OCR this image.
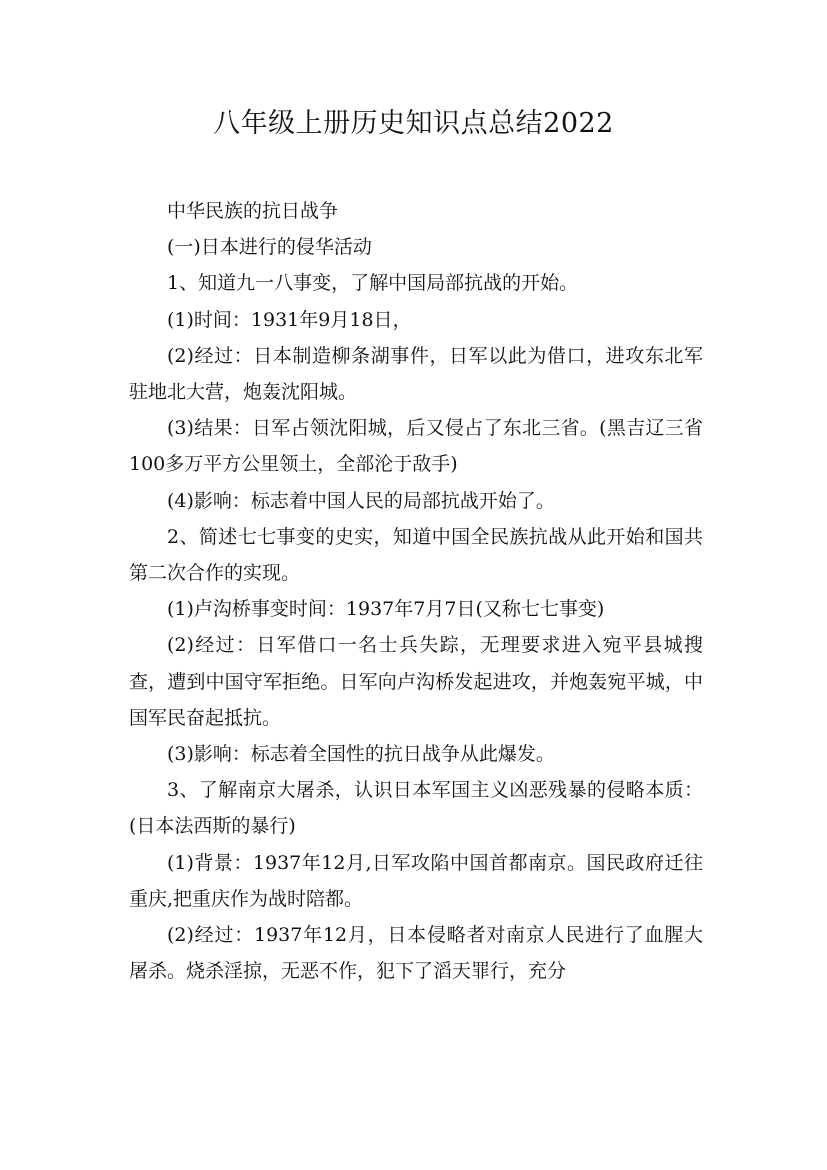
八年级上册历史知识点总结2022

中华民族的抗日战争

(一)日本进行的侵华活动

1、知道九一八事变，了解中国局部抗战的开始。

(1)时间：1931年9月18日，

(2)经过：日本制造柳条湖事件，日军以此为借口，进攻东北军驻地北大营，炮轰沈阳城。

(3)结果：日军占领沈阳城，后又侵占了东北三省。(黑吉辽三省100多万平方公里领土，全部沦于敌手)

(4)影响：标志着中国人民的局部抗战开始了。

2、简述七七事变的史实，知道中国全民族抗战从此开始和国共第二次合作的实现。

(1)卢沟桥事变时间：1937年7月7日(又称七七事变)

(2)经过：日军借口一名士兵失踪，无理要求进入宛平县城搜查，遭到中国守军拒绝。日军向卢沟桥发起进攻，并炮轰宛平城，中国军民奋起抵抗。

(3)影响：标志着全国性的抗日战争从此爆发。

3、了解南京大屠杀，认识日本军国主义凶恶残暴的侵略本质：(日本法西斯的暴行)

(1)背景：1937年12月,日军攻陷中国首都南京。国民政府迁往重庆,把重庆作为战时陪都。

(2)经过：1937年12月，日本侵略者对南京人民进行了血腥大屠杀。烧杀淫掠，无恶不作，犯下了滔天罪行，充分
